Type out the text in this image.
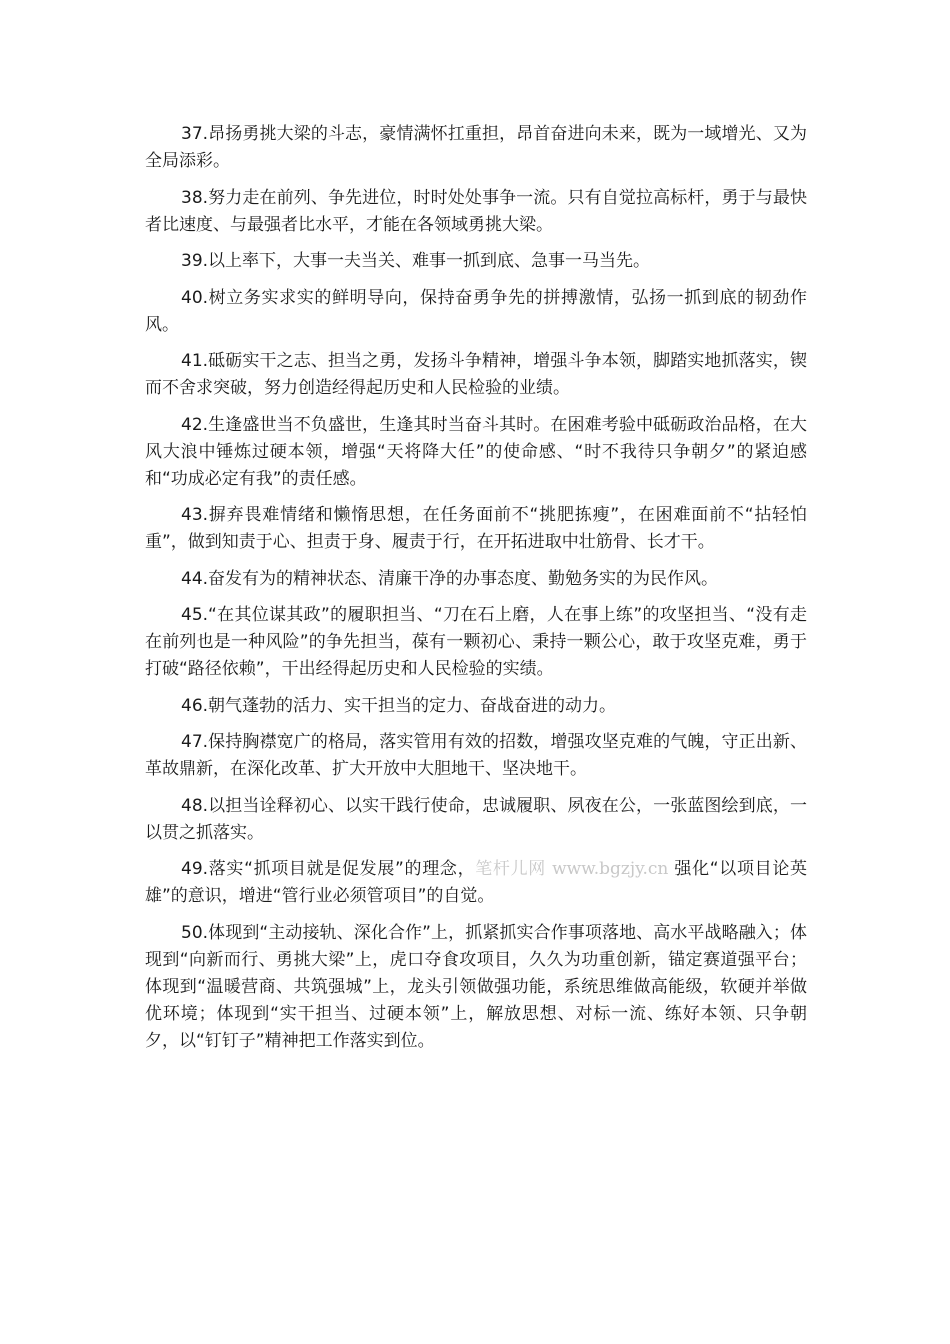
37.昂扬勇挑大梁的斗志，豪情满怀扛重担，昂首奋进向未来，既为一域增光、又为全局添彩。

38.努力走在前列、争先进位，时时处处事争一流。只有自觉拉高标杆，勇于与最快者比速度、与最强者比水平，才能在各领域勇挑大梁。

39.以上率下，大事一夫当关、难事一抓到底、急事一马当先。

40.树立务实求实的鲜明导向，保持奋勇争先的拼搏激情，弘扬一抓到底的韧劲作风。

41.砥砺实干之志、担当之勇，发扬斗争精神，增强斗争本领，脚踏实地抓落实，锲而不舍求突破，努力创造经得起历史和人民检验的业绩。

42.生逢盛世当不负盛世，生逢其时当奋斗其时。在困难考验中砥砺政治品格，在大风大浪中锤炼过硬本领，增强“天将降大任”的使命感、“时不我待只争朝夕”的紧迫感和“功成必定有我”的责任感。

43.摒弃畏难情绪和懒惰思想，在任务面前不“挑肥拣瘦”，在困难面前不“拈轻怕重”，做到知责于心、担责于身、履责于行，在开拓进取中壮筋骨、长才干。

44.奋发有为的精神状态、清廉干净的办事态度、勤勉务实的为民作风。

45.“在其位谋其政”的履职担当、“刀在石上磨，人在事上练”的攻坚担当、“没有走在前列也是一种风险”的争先担当，葆有一颗初心、秉持一颗公心，敢于攻坚克难，勇于打破“路径依赖”，干出经得起历史和人民检验的实绩。

46.朝气蓬勃的活力、实干担当的定力、奋战奋进的动力。

47.保持胸襟宽广的格局，落实管用有效的招数，增强攻坚克难的气魄，守正出新、革故鼎新，在深化改革、扩大开放中大胆地干、坚决地干。

48.以担当诠释初心、以实干践行使命，忠诚履职、夙夜在公，一张蓝图绘到底，一以贯之抓落实。

49.落实“抓项目就是促发展”的理念，笔杆儿网 www.bgzjy.cn 强化“以项目论英雄”的意识，增进“管行业必须管项目”的自觉。

50.体现到“主动接轨、深化合作”上，抓紧抓实合作事项落地、高水平战略融入；体现到“向新而行、勇挑大梁”上，虎口夺食攻项目，久久为功重创新，锚定赛道强平台；体现到“温暖营商、共筑强城”上，龙头引领做强功能，系统思维做高能级，软硬并举做优环境；体现到“实干担当、过硬本领”上，解放思想、对标一流、练好本领、只争朝夕，以“钉钉子”精神把工作落实到位。
